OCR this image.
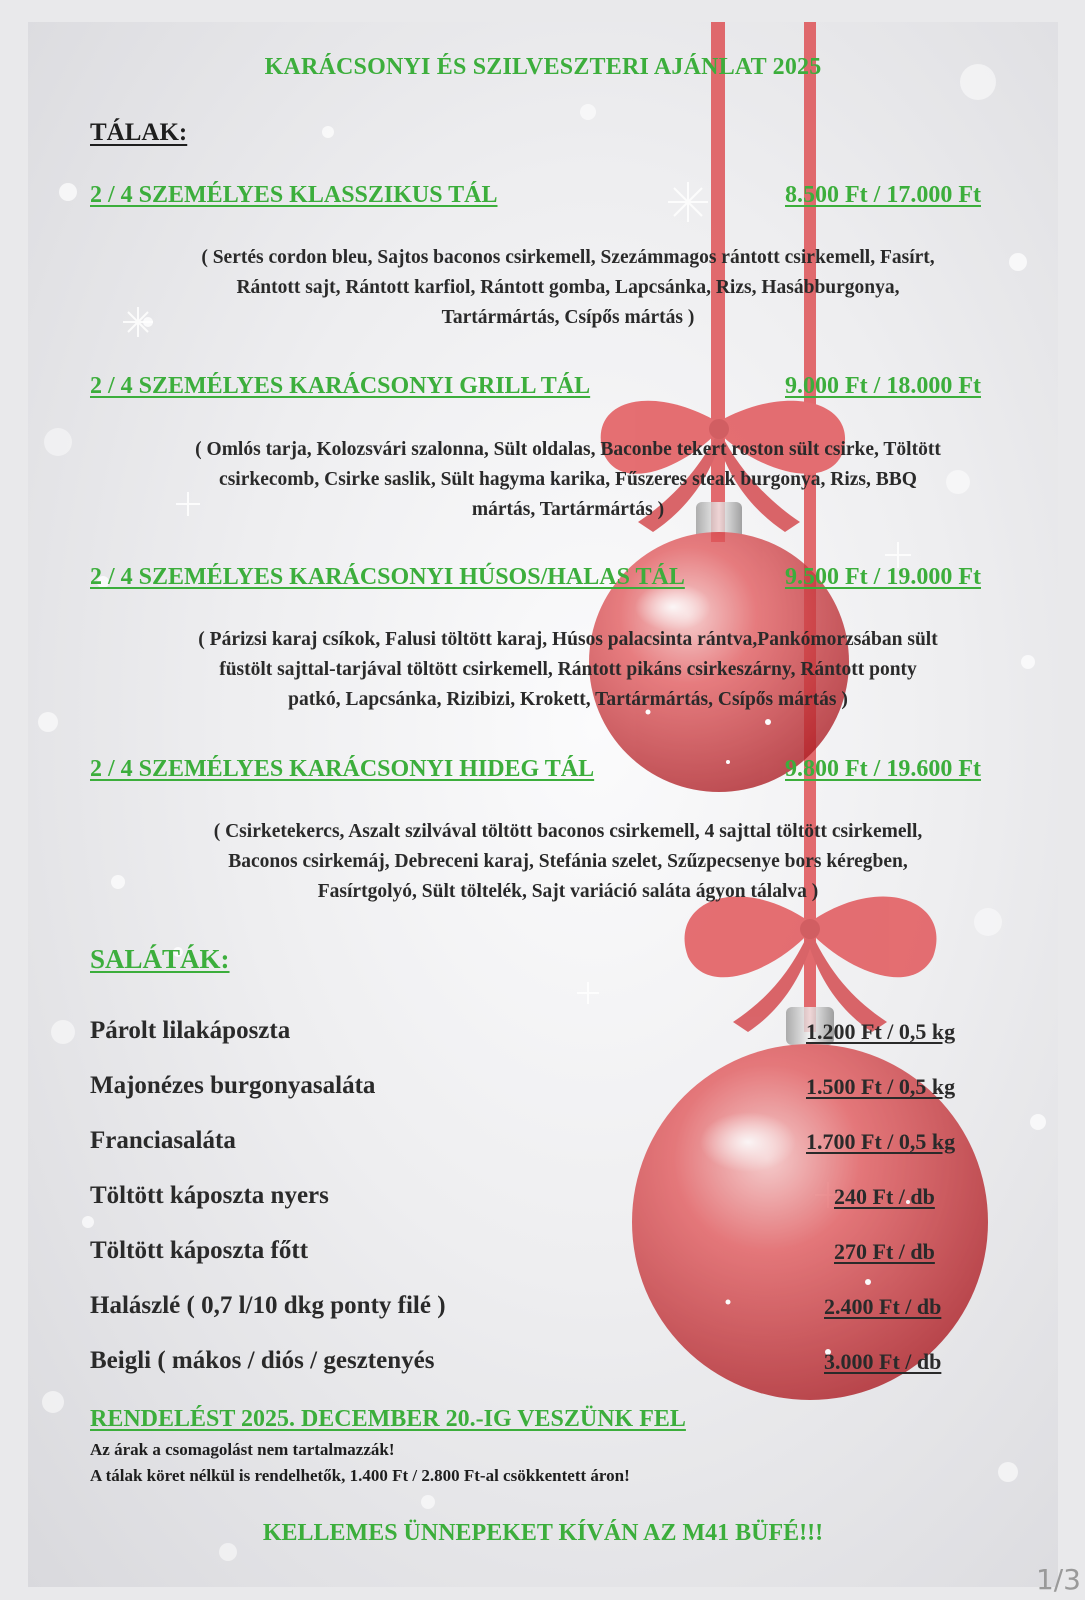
KARÁCSONYI ÉS SZILVESZTERI AJÁNLAT 2025
TÁLAK:
2 / 4 SZEMÉLYES KLASSZIKUS TÁL	8.500 Ft / 17.000 Ft
( Sertés cordon bleu, Sajtos baconos csirkemell, Szezámmagos rántott csirkemell, Fasírt,
Rántott sajt, Rántott karfiol, Rántott gomba, Lapcsánka, Rizs, Hasábburgonya,
Tartármártás, Csípős mártás )
2 / 4 SZEMÉLYES KARÁCSONYI GRILL TÁL	9.000 Ft / 18.000 Ft
( Omlós tarja, Kolozsvári szalonna, Sült oldalas, Baconbe tekert roston sült csirke, Töltött
csirkecomb, Csirke saslik, Sült hagyma karika, Fűszeres steak burgonya, Rizs, BBQ
mártás, Tartármártás )
2 / 4 SZEMÉLYES KARÁCSONYI HÚSOS/HALAS TÁL	9.500 Ft / 19.000 Ft
( Párizsi karaj csíkok, Falusi töltött karaj, Húsos palacsinta rántva,Pankómorzsában sült
füstölt sajttal-tarjával töltött csirkemell, Rántott pikáns csirkeszárny, Rántott ponty
patkó, Lapcsánka, Rizibizi, Krokett, Tartármártás, Csípős mártás )
2 / 4 SZEMÉLYES KARÁCSONYI HIDEG TÁL	9.800 Ft / 19.600 Ft
( Csirketekercs, Aszalt szilvával töltött baconos csirkemell, 4 sajttal töltött csirkemell,
Baconos csirkemáj, Debreceni karaj, Stefánia szelet, Szűzpecsenye bors kéregben,
Fasírtgolyó, Sült töltelék, Sajt variáció saláta ágyon tálalva )
SALÁTÁK:
Párolt lilakáposzta	1.200 Ft / 0,5 kg
Majonézes burgonyasaláta	1.500 Ft / 0,5 kg
Franciasaláta	1.700 Ft / 0,5 kg
Töltött káposzta nyers	240 Ft / db
Töltött káposzta főtt	270 Ft / db
Halászlé ( 0,7 l/10 dkg ponty filé )	2.400 Ft / db
Beigli ( mákos / diós / gesztenyés	3.000 Ft / db
RENDELÉST 2025. DECEMBER 20.-IG VESZÜNK FEL
Az árak a csomagolást nem tartalmazzák!
A tálak köret nélkül is rendelhetők, 1.400 Ft / 2.800 Ft-al csökkentett áron!
KELLEMES ÜNNEPEKET KÍVÁN AZ M41 BÜFÉ!!!
1/3
